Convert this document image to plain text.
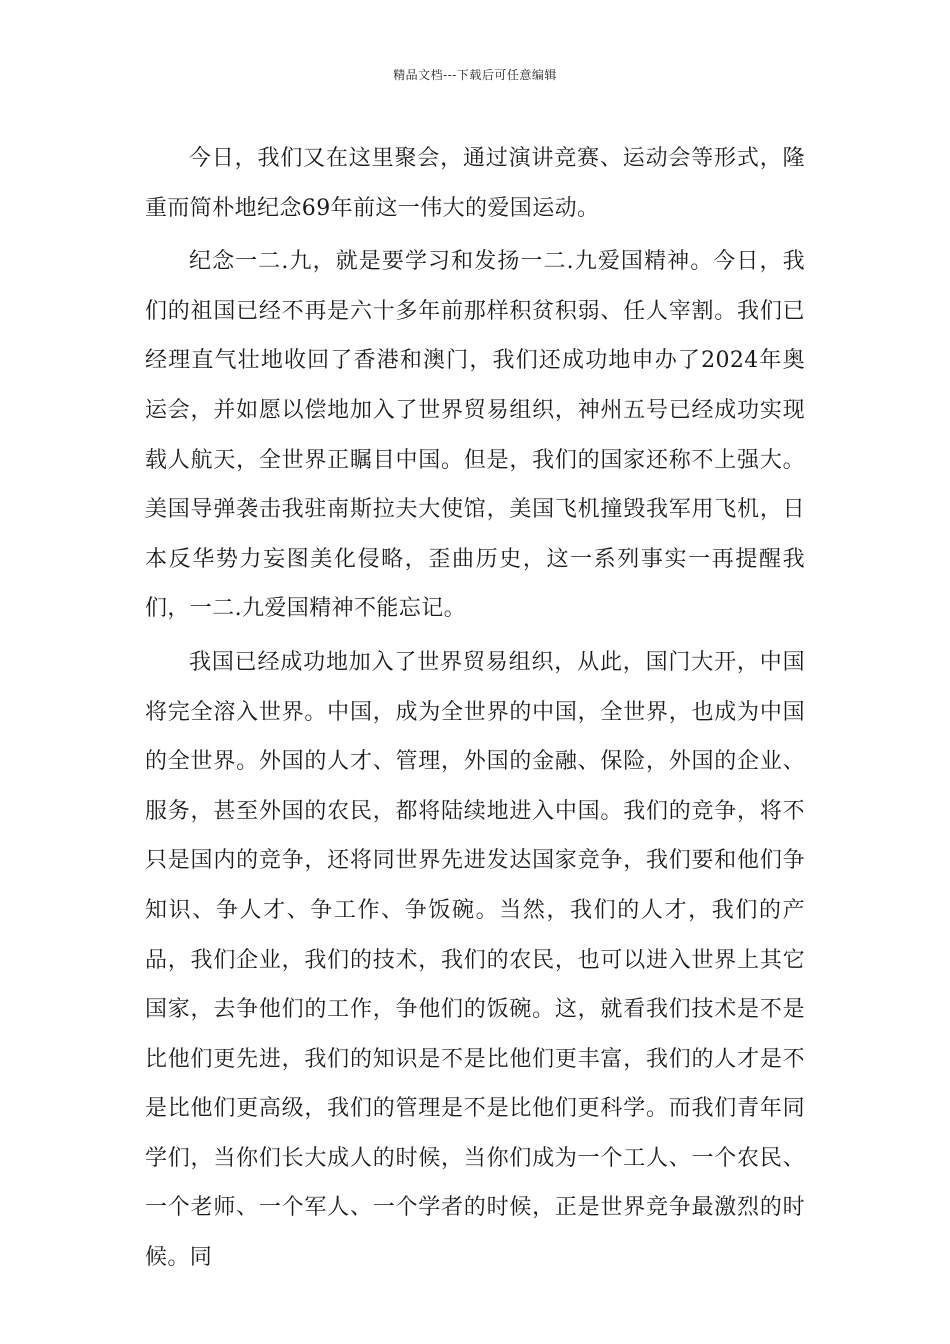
精品文档---下载后可任意编辑

今日，我们又在这里聚会，通过演讲竞赛、运动会等形式，隆重而简朴地纪念69年前这一伟大的爱国运动。

纪念一二.九，就是要学习和发扬一二.九爱国精神。今日，我们的祖国已经不再是六十多年前那样积贫积弱、任人宰割。我们已经理直气壮地收回了香港和澳门，我们还成功地申办了2024年奥运会，并如愿以偿地加入了世界贸易组织，神州五号已经成功实现载人航天，全世界正瞩目中国。但是，我们的国家还称不上强大。美国导弹袭击我驻南斯拉夫大使馆，美国飞机撞毁我军用飞机，日本反华势力妄图美化侵略，歪曲历史，这一系列事实一再提醒我们，一二.九爱国精神不能忘记。

我国已经成功地加入了世界贸易组织，从此，国门大开，中国将完全溶入世界。中国，成为全世界的中国，全世界，也成为中国的全世界。外国的人才、管理，外国的金融、保险，外国的企业、服务，甚至外国的农民，都将陆续地进入中国。我们的竞争，将不只是国内的竞争，还将同世界先进发达国家竞争，我们要和他们争知识、争人才、争工作、争饭碗。当然，我们的人才，我们的产品，我们企业，我们的技术，我们的农民，也可以进入世界上其它国家，去争他们的工作，争他们的饭碗。这，就看我们技术是不是比他们更先进，我们的知识是不是比他们更丰富，我们的人才是不是比他们更高级，我们的管理是不是比他们更科学。而我们青年同学们，当你们长大成人的时候，当你们成为一个工人、一个农民、一个老师、一个军人、一个学者的时候，正是世界竞争最激烈的时候。同
